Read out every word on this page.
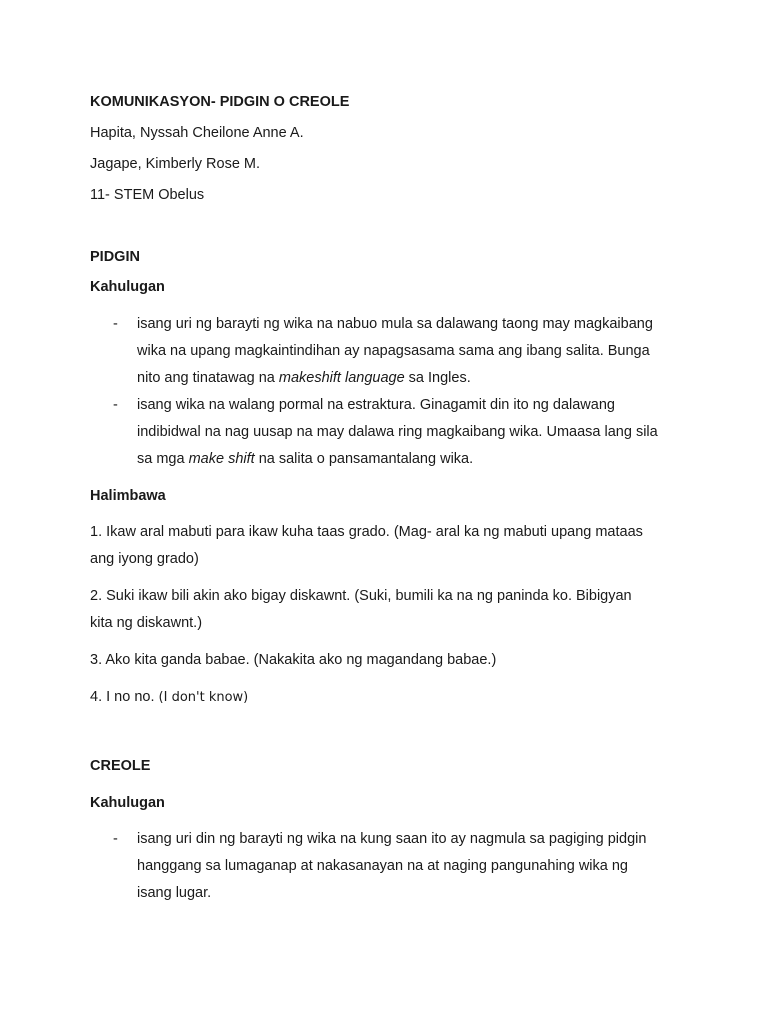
KOMUNIKASYON- PIDGIN O CREOLE
Hapita, Nyssah Cheilone Anne A.
Jagape, Kimberly Rose M.
11- STEM Obelus
PIDGIN
Kahulugan
- isang uri ng barayti ng wika na nabuo mula sa dalawang taong may magkaibang
wika na upang magkaintindihan ay napagsasama sama ang ibang salita. Bunga
nito ang tinatawag na makeshift language sa Ingles.
- isang wika na walang pormal na estraktura. Ginagamit din ito ng dalawang
indibidwal na nag uusap na may dalawa ring magkaibang wika. Umaasa lang sila
sa mga make shift na salita o pansamantalang wika.
Halimbawa
1. Ikaw aral mabuti para ikaw kuha taas grado. (Mag- aral ka ng mabuti upang mataas
ang iyong grado)
2. Suki ikaw bili akin ako bigay diskawnt. (Suki, bumili ka na ng paninda ko. Bibigyan
kita ng diskawnt.)
3. Ako kita ganda babae. (Nakakita ako ng magandang babae.)
4. I no no. (I don't know)
CREOLE
Kahulugan
- isang uri din ng barayti ng wika na kung saan ito ay nagmula sa pagiging pidgin
hanggang sa lumaganap at nakasanayan na at naging pangunahing wika ng
isang lugar.
